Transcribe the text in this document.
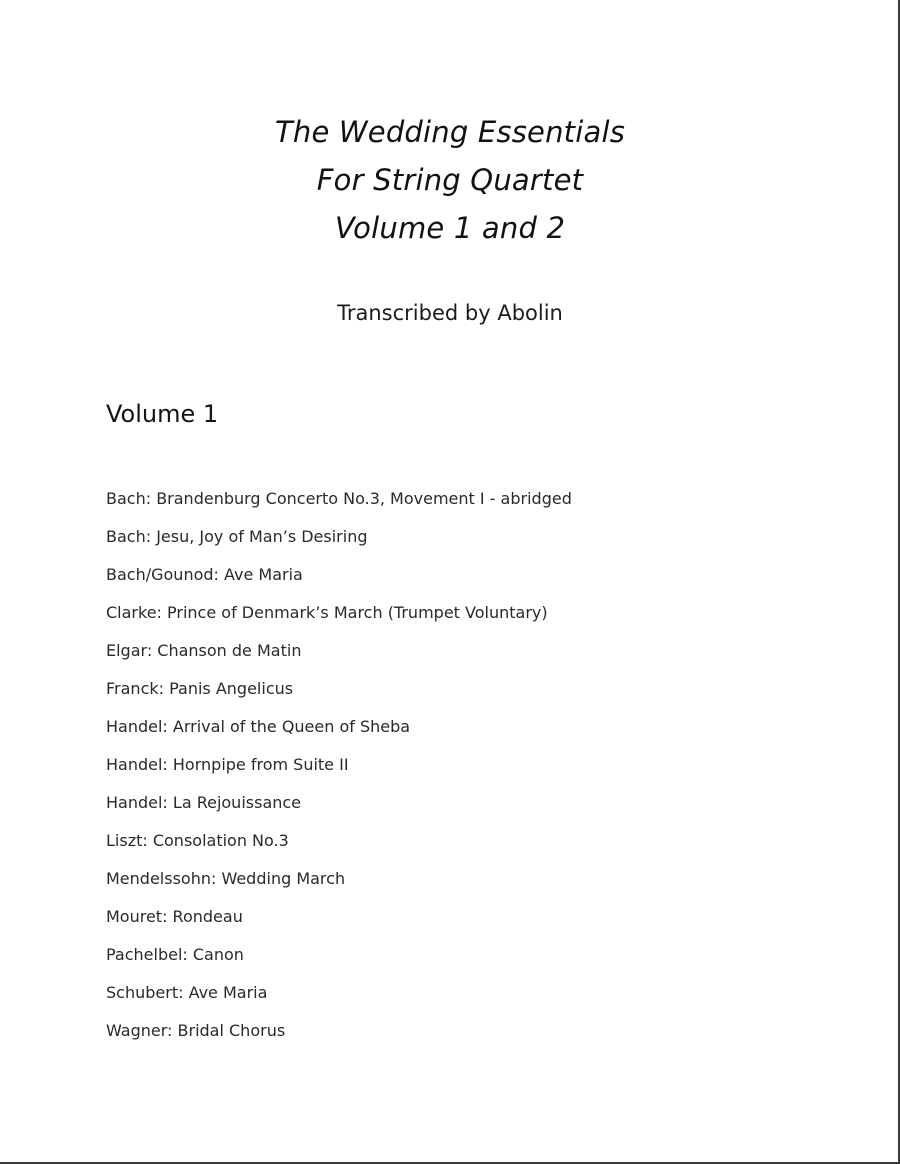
The Wedding Essentials
For String Quartet
Volume 1 and 2
Transcribed by Abolin
Volume 1
Bach: Brandenburg Concerto No.3, Movement I - abridged
Bach: Jesu, Joy of Man’s Desiring
Bach/Gounod: Ave Maria
Clarke: Prince of Denmark’s March (Trumpet Voluntary)
Elgar: Chanson de Matin
Franck: Panis Angelicus
Handel: Arrival of the Queen of Sheba
Handel: Hornpipe from Suite II
Handel: La Rejouissance
Liszt: Consolation No.3
Mendelssohn: Wedding March
Mouret: Rondeau
Pachelbel: Canon
Schubert: Ave Maria
Wagner: Bridal Chorus
